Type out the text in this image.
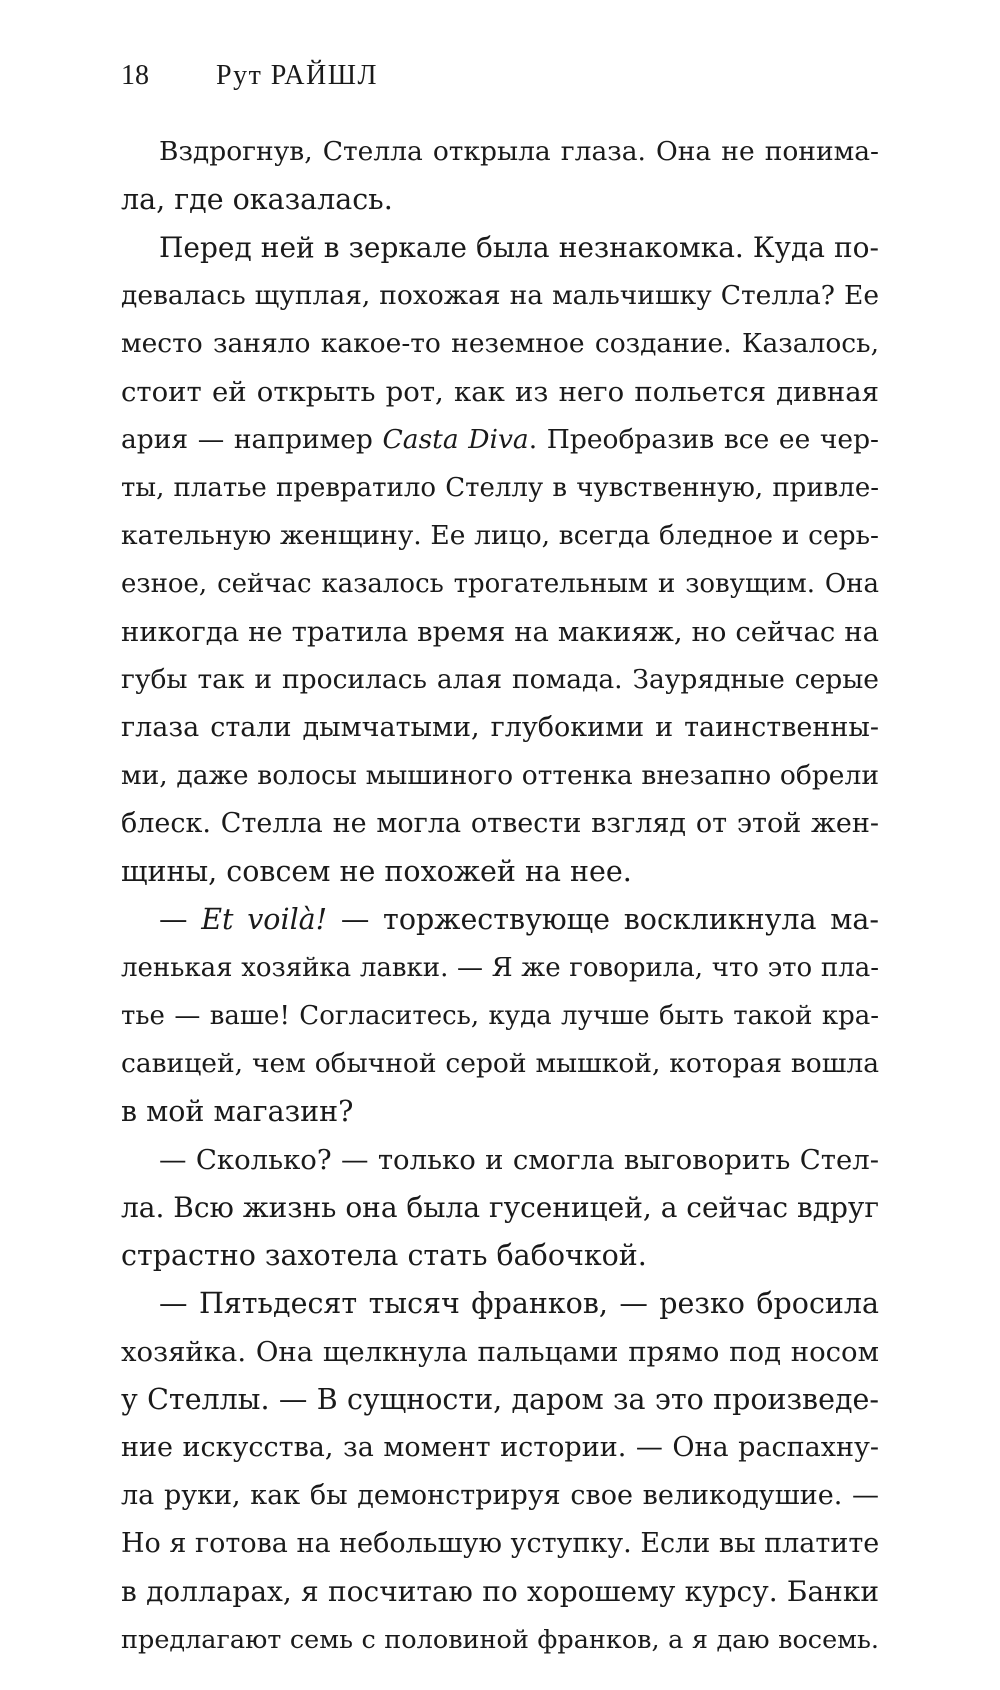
18 Рут РАЙШЛ
Вздрогнув, Стелла открыла глаза. Она не понима-
ла, где оказалась.
Перед ней в зеркале была незнакомка. Куда по-
девалась щуплая, похожая на мальчишку Стелла? Ее
место заняло какое-то неземное создание. Казалось,
стоит ей открыть рот, как из него польется дивная
ария — например Casta Diva. Преобразив все ее чер-
ты, платье превратило Стеллу в чувственную, привле-
кательную женщину. Ее лицо, всегда бледное и серь-
езное, сейчас казалось трогательным и зовущим. Она
никогда не тратила время на макияж, но сейчас на
губы так и просилась алая помада. Заурядные серые
глаза стали дымчатыми, глубокими и таинственны-
ми, даже волосы мышиного оттенка внезапно обрели
блеск. Стелла не могла отвести взгляд от этой жен-
щины, совсем не похожей на нее.
— Et voilà! — торжествующе воскликнула ма-
ленькая хозяйка лавки. — Я же говорила, что это пла-
тье — ваше! Согласитесь, куда лучше быть такой кра-
савицей, чем обычной серой мышкой, которая вошла
в мой магазин?
— Сколько? — только и смогла выговорить Стел-
ла. Всю жизнь она была гусеницей, а сейчас вдруг
страстно захотела стать бабочкой.
— Пятьдесят тысяч франков, — резко бросила
хозяйка. Она щелкнула пальцами прямо под носом
у Стеллы. — В сущности, даром за это произведе-
ние искусства, за момент истории. — Она распахну-
ла руки, как бы демонстрируя свое великодушие. —
Но я готова на небольшую уступку. Если вы платите
в долларах, я посчитаю по хорошему курсу. Банки
предлагают семь с половиной франков, а я даю восемь.
